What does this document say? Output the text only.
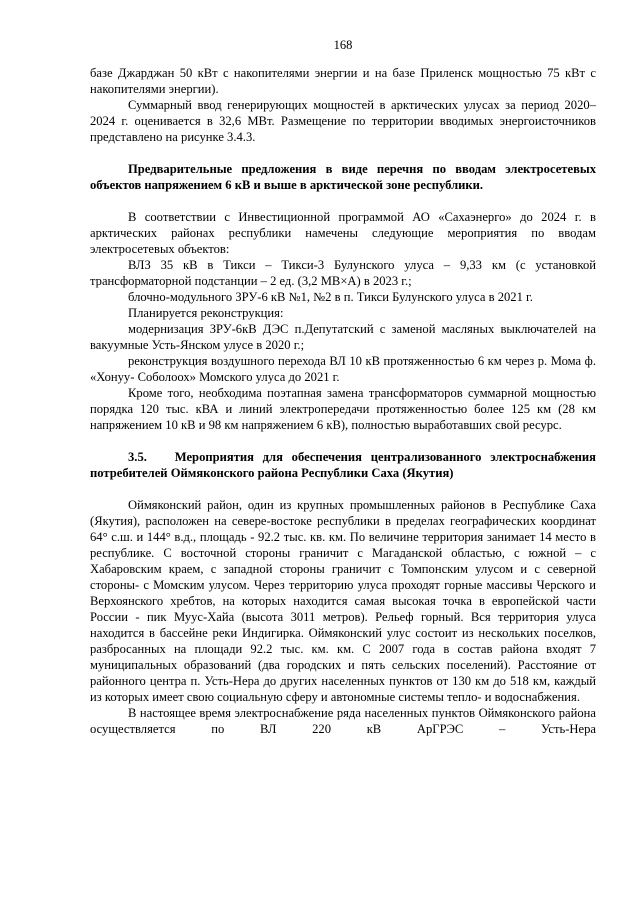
168

базе Джарджан 50 кВт с накопителями энергии и на базе Приленск мощностью 75 кВт с накопителями энергии).

Суммарный ввод генерирующих мощностей в арктических улусах за период 2020–2024 г. оценивается в 32,6 МВт. Размещение по территории вводимых энергоисточников представлено на рисунке 3.4.3.

Предварительные предложения в виде перечня по вводам электросетевых объектов напряжением 6 кВ и выше в арктической зоне республики.

В соответствии с Инвестиционной программой АО «Сахаэнерго» до 2024 г. в арктических районах республики намечены следующие мероприятия по вводам электросетевых объектов:

ВЛЗ 35 кВ в Тикси – Тикси-3 Булунского улуса – 9,33 км (с установкой трансформаторной подстанции – 2 ед. (3,2 МВ×А) в 2023 г.;

блочно-модульного ЗРУ-6 кВ №1, №2 в п. Тикси Булунского улуса в 2021 г.

Планируется реконструкция:

модернизация ЗРУ-6кВ ДЭС п.Депутатский с заменой масляных выключателей на вакуумные Усть-Янском улусе в 2020 г.;

реконструкция воздушного перехода ВЛ 10 кВ протяженностью 6 км через р. Мома ф. «Хонуу- Соболоох» Момского улуса до 2021 г.

Кроме того, необходима поэтапная замена трансформаторов суммарной мощностью порядка 120 тыс. кВА и линий электропередачи протяженностью более 125 км (28 км напряжением 10 кВ и 98 км напряжением 6 кВ), полностью выработавших свой ресурс.

3.5. Мероприятия для обеспечения централизованного электроснабжения потребителей Оймяконского района Республики Саха (Якутия)

Оймяконский район, один из крупных промышленных районов в Республике Саха (Якутия), расположен на севере-востоке республики в пределах географических координат 64° с.ш. и 144° в.д., площадь - 92.2 тыс. кв. км. По величине территория занимает 14 место в республике. С восточной стороны граничит с Магаданской областью, с южной – с Хабаровским краем, с западной стороны граничит с Томпонским улусом и с северной стороны- с Момским улусом. Через территорию улуса проходят горные массивы Черского и Верхоянского хребтов, на которых находится самая высокая точка в европейской части России - пик Муус-Хайа (высота 3011 метров). Рельеф горный. Вся территория улуса находится в бассейне реки Индигирка. Оймяконский улус состоит из нескольких поселков, разбросанных на площади 92.2 тыс. км. км. С 2007 года в состав района входят 7 муниципальных образований (два городских и пять сельских поселений). Расстояние от районного центра п. Усть-Нера до других населенных пунктов от 130 км до 518 км, каждый из которых имеет свою социальную сферу и автономные системы тепло- и водоснабжения.

В настоящее время электроснабжение ряда населенных пунктов Оймяконского района осуществляется по ВЛ 220 кВ АрГРЭС – Усть-Нера
